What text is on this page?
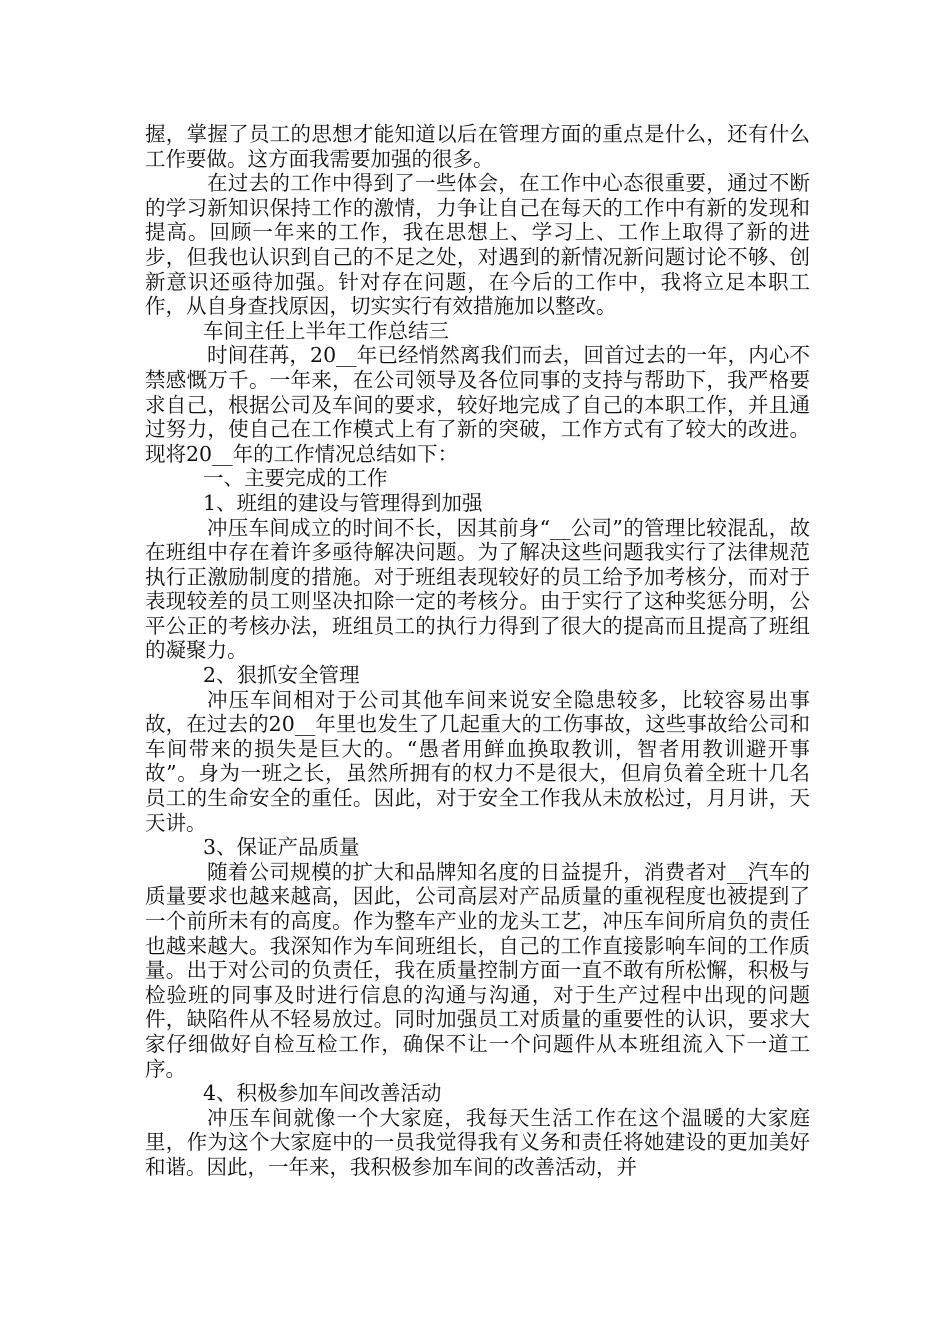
握，掌握了员工的思想才能知道以后在管理方面的重点是什么，还有什么工作要做。这方面我需要加强的很多。

在过去的工作中得到了一些体会，在工作中心态很重要，通过不断的学习新知识保持工作的激情，力争让自己在每天的工作中有新的发现和提高。回顾一年来的工作，我在思想上、学习上、工作上取得了新的进步，但我也认识到自己的不足之处，对遇到的新情况新问题讨论不够、创新意识还亟待加强。针对存在问题，在今后的工作中，我将立足本职工作，从自身查找原因，切实实行有效措施加以整改。

车间主任上半年工作总结三

时间荏苒，20__年已经悄然离我们而去，回首过去的一年，内心不禁感慨万千。一年来，在公司领导及各位同事的支持与帮助下，我严格要求自己，根据公司及车间的要求，较好地完成了自己的本职工作，并且通过努力，使自己在工作模式上有了新的突破，工作方式有了较大的改进。现将20__年的工作情况总结如下：

一、主要完成的工作

1、班组的建设与管理得到加强

冲压车间成立的时间不长，因其前身“__公司”的管理比较混乱，故在班组中存在着许多亟待解决问题。为了解决这些问题我实行了法律规范执行正激励制度的措施。对于班组表现较好的员工给予加考核分，而对于表现较差的员工则坚决扣除一定的考核分。由于实行了这种奖惩分明，公平公正的考核办法，班组员工的执行力得到了很大的提高而且提高了班组的凝聚力。

2、狠抓安全管理

冲压车间相对于公司其他车间来说安全隐患较多，比较容易出事故，在过去的20__年里也发生了几起重大的工伤事故，这些事故给公司和车间带来的损失是巨大的。“愚者用鲜血换取教训，智者用教训避开事故”。身为一班之长，虽然所拥有的权力不是很大，但肩负着全班十几名员工的生命安全的重任。因此，对于安全工作我从未放松过，月月讲，天天讲。

3、保证产品质量

随着公司规模的扩大和品牌知名度的日益提升，消费者对__汽车的质量要求也越来越高，因此，公司高层对产品质量的重视程度也被提到了一个前所未有的高度。作为整车产业的龙头工艺，冲压车间所肩负的责任也越来越大。我深知作为车间班组长，自己的工作直接影响车间的工作质量。出于对公司的负责任，我在质量控制方面一直不敢有所松懈，积极与检验班的同事及时进行信息的沟通与沟通，对于生产过程中出现的问题件，缺陷件从不轻易放过。同时加强员工对质量的重要性的认识，要求大家仔细做好自检互检工作，确保不让一个问题件从本班组流入下一道工序。

4、积极参加车间改善活动

冲压车间就像一个大家庭，我每天生活工作在这个温暖的大家庭里，作为这个大家庭中的一员我觉得我有义务和责任将她建设的更加美好和谐。因此，一年来，我积极参加车间的改善活动，并
